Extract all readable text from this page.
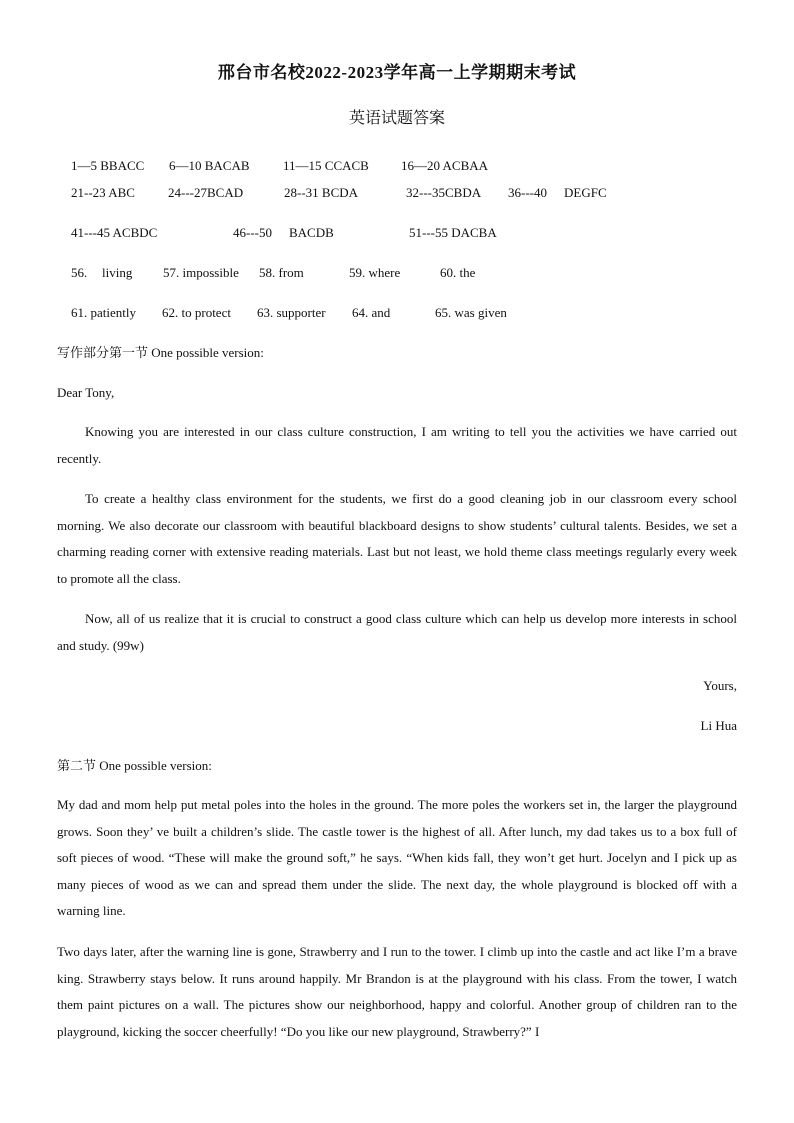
邢台市名校2022-2023学年高一上学期期末考试
英语试题答案
1—5 BBACC 6—10 BACAB	11—15 CCACB 16—20 ACBAA
21--23 ABC	24---27BCAD	28--31 BCDA	32---35CBDA 36---40 DEGFC
41---45 ACBDC	46---50 BACDB	51---55 DACBA
56. living 57. impossible 58. from	59. where	60. the
61. patiently 62. to protect 63. supporter 64. and	65. was given
写作部分第一节 One possible version:
Dear Tony,
Knowing you are interested in our class culture construction, I am writing to tell you the activities we have carried out recently.
To create a healthy class environment for the students, we first do a good cleaning job in our classroom every school morning. We also decorate our classroom with beautiful blackboard designs to show students’ cultural talents. Besides, we set a charming reading corner with extensive reading materials. Last but not least, we hold theme class meetings regularly every week to promote all the class.
Now, all of us realize that it is crucial to construct a good class culture which can help us develop more interests in school and study. (99w)
Yours,
Li Hua
第二节 One possible version:
My dad and mom help put metal poles into the holes in the ground. The more poles the workers set in, the larger the playground grows. Soon they’ ve built a children’s slide. The castle tower is the highest of all. After lunch, my dad takes us to a box full of soft pieces of wood. “These will make the ground soft,” he says. “When kids fall, they won’t get hurt. Jocelyn and I pick up as many pieces of wood as we can and spread them under the slide. The next day, the whole playground is blocked off with a warning line.
Two days later, after the warning line is gone, Strawberry and I run to the tower. I climb up into the castle and act like I’m a brave king. Strawberry stays below. It runs around happily. Mr Brandon is at the playground with his class. From the tower, I watch them paint pictures on a wall. The pictures show our neighborhood, happy and colorful. Another group of children ran to the playground, kicking the soccer cheerfully! “Do you like our new playground, Strawberry?” I
